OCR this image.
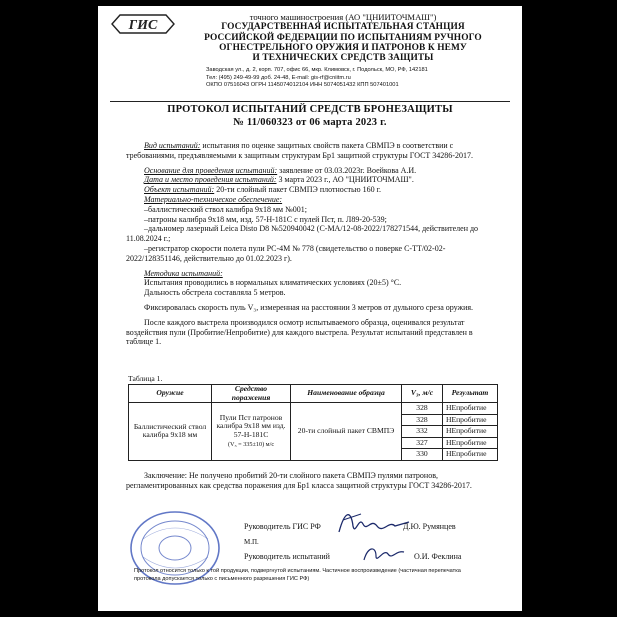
ГИС
точного машиностроения (АО "ЦНИИТОЧМАШ")
ГОСУДАРСТВЕННАЯ ИСПЫТАТЕЛЬНАЯ СТАНЦИЯ
РОССИЙСКОЙ ФЕДЕРАЦИИ ПО ИСПЫТАНИЯМ РУЧНОГО
ОГНЕСТРЕЛЬНОГО ОРУЖИЯ И ПАТРОНОВ К НЕМУ
И ТЕХНИЧЕСКИХ СРЕДСТВ ЗАЩИТЫ
Заводская ул., д. 2, корп. 707, офис 66, мкр. Климовск, г. Подольск, МО, РФ, 142181
Тел: (495) 249-49-99 доб. 24-48, E-mail: gis-rf@cniitm.ru
ОКПО 07516043 ОГРН 1145074012104 ИНН 5074051432 КПП 507401001
ПРОТОКОЛ ИСПЫТАНИЙ СРЕДСТВ БРОНЕЗАЩИТЫ
№ 11/060323 от 06 марта 2023 г.

Вид испытаний: испытания по оценке защитных свойств пакета СВМПЭ в соответствии с требованиями, предъявляемыми к защитным структурам Бр1 защитной структуры ГОСТ 34286-2017.

Основание для проведения испытаний: заявление от 03.03.2023г. Воейкова А.И.

Дата и место проведения испытаний: 3 марта 2023 г., АО "ЦНИИТОЧМАШ".

Объект испытаний: 20-ти слойный пакет СВМПЭ плотностью 160 г.

Материально-техническое обеспечение:

–баллистический ствол калибра 9x18 мм №001;

–патроны калибра 9x18 мм, изд. 57-Н-181С с пулей Пст, п. Л89-20-539;

–дальномер лазерный Leica Disto D8 №520940042 (С-МА/12-08-2022/178271544, действителен до 11.08.2024 г.;

–регистратор скорости полета пули РС-4М № 778 (свидетельство о поверке С-ТТ/02-02-2022/128351146, действительно до 01.02.2023 г).

Методика испытаний:

Испытания проводились в нормальных климатических условиях (20±5) °С.

Дальность обстрела составляла 5 метров.

Фиксировалась скорость пуль V₃, измеренная на расстоянии 3 метров от дульного среза оружия.

После каждого выстрела производился осмотр испытываемого образца, оценивался результат воздействия пули (Пробитие/Непробитие) для каждого выстрела. Результат испытаний представлен в таблице 1.

Таблица 1.
Оружие	Средство поражения	Наименование образца	V₃, м/с	Результат
Баллистический ствол калибра 9x18 мм	Пули Пст патронов калибра 9x18 мм изд. 57-Н-181С
(V₃ = 335±10) м/с	20-ти слойный пакет СВМПЭ	328	НЕпробитие
			328	НЕпробитие
			332	НЕпробитие
			327	НЕпробитие
			330	НЕпробитие
Заключение: Не получено пробитий 20-ти слойного пакета СВМПЭ пулями патронов, регламентированных как средства поражения для Бр1 класса защитной структуры ГОСТ 34286-2017.
Руководитель ГИС РФ	Д.Ю. Румянцев
М.П.
Руководитель испытаний	О.И. Феклина
Протокол относится только к той продукции, подвергнутой испытаниям. Частичное воспроизведение (частичная перепечатка
протокола допускается только с письменного разрешения ГИС РФ)
